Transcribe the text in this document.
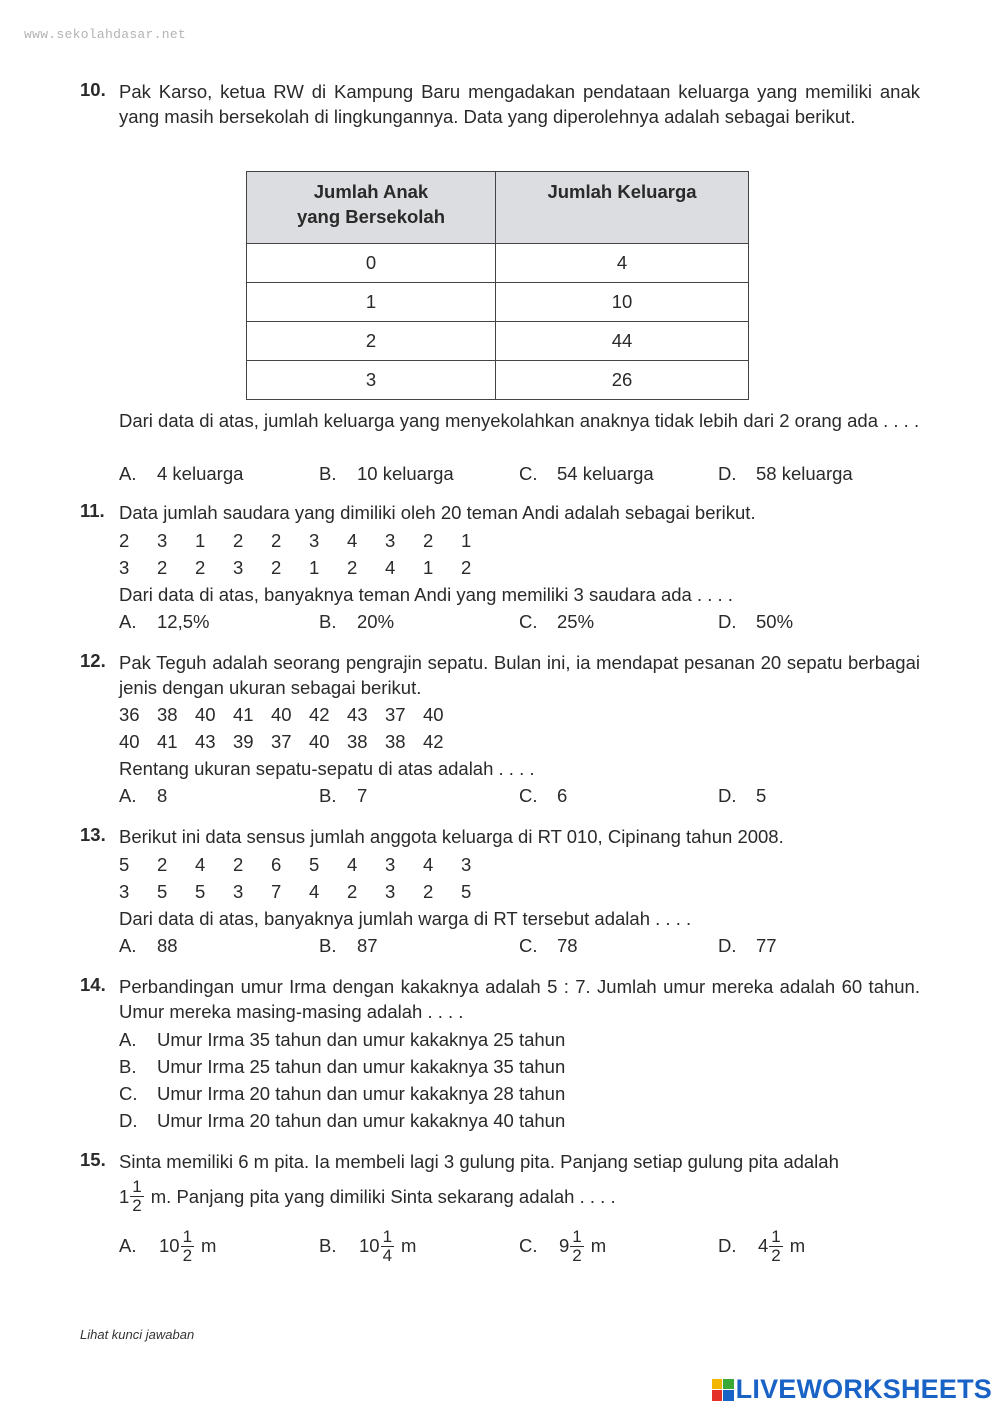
www.sekolahdasar.net
10. Pak Karso, ketua RW di Kampung Baru mengadakan pendataan keluarga yang memiliki anak yang masih bersekolah di lingkungannya. Data yang diperolehnya adalah sebagai berikut.
Jumlah Anak
yang Bersekolah	Jumlah Keluarga
0	4
1	10
2	44
3	26
Dari data di atas, jumlah keluarga yang menyekolahkan anaknya tidak lebih dari 2 orang ada . . . .
A. 4 keluarga	B. 10 keluarga	C. 54 keluarga	D. 58 keluarga
11. Data jumlah saudara yang dimiliki oleh 20 teman Andi adalah sebagai berikut.
2	3	1	2	2	3	4	3	2	1
3	2	2	3	2	1	2	4	1	2
Dari data di atas, banyaknya teman Andi yang memiliki 3 saudara ada . . . .
A. 12,5%	B. 20%	C. 25%	D. 50%
12. Pak Teguh adalah seorang pengrajin sepatu. Bulan ini, ia mendapat pesanan 20 sepatu berbagai jenis dengan ukuran sebagai berikut.
36 38 40 41 40 42 43 37 40
40 41 43 39 37 40 38 38 42
Rentang ukuran sepatu-sepatu di atas adalah . . . .
A. 8	B. 7	C. 6	D. 5
13. Berikut ini data sensus jumlah anggota keluarga di RT 010, Cipinang tahun 2008.
5	2	4	2	6	5	4	3	4	3
3	5	5	3	7	4	2	3	2	5
Dari data di atas, banyaknya jumlah warga di RT tersebut adalah . . . .
A. 88	B. 87	C. 78	D. 77
14. Perbandingan umur Irma dengan kakaknya adalah 5 : 7. Jumlah umur mereka adalah 60 tahun. Umur mereka masing-masing adalah . . . .
A. Umur Irma 35 tahun dan umur kakaknya 25 tahun
B. Umur Irma 25 tahun dan umur kakaknya 35 tahun
C. Umur Irma 20 tahun dan umur kakaknya 28 tahun
D. Umur Irma 20 tahun dan umur kakaknya 40 tahun
15. Sinta memiliki 6 m pita. Ia membeli lagi 3 gulung pita. Panjang setiap gulung pita adalah
$1 \frac{1}{2} m$. Panjang pita yang dimiliki Sinta sekarang adalah . . . .
A.	$10 \frac{1}{2}$ m	B.	$10 \frac{1}{4}$ m	C.	$9 \frac{1}{2}$ m	D.	$4 \frac{1}{2}$ m
Lihat kunci jawaban
LIVEWORKSHEETS
